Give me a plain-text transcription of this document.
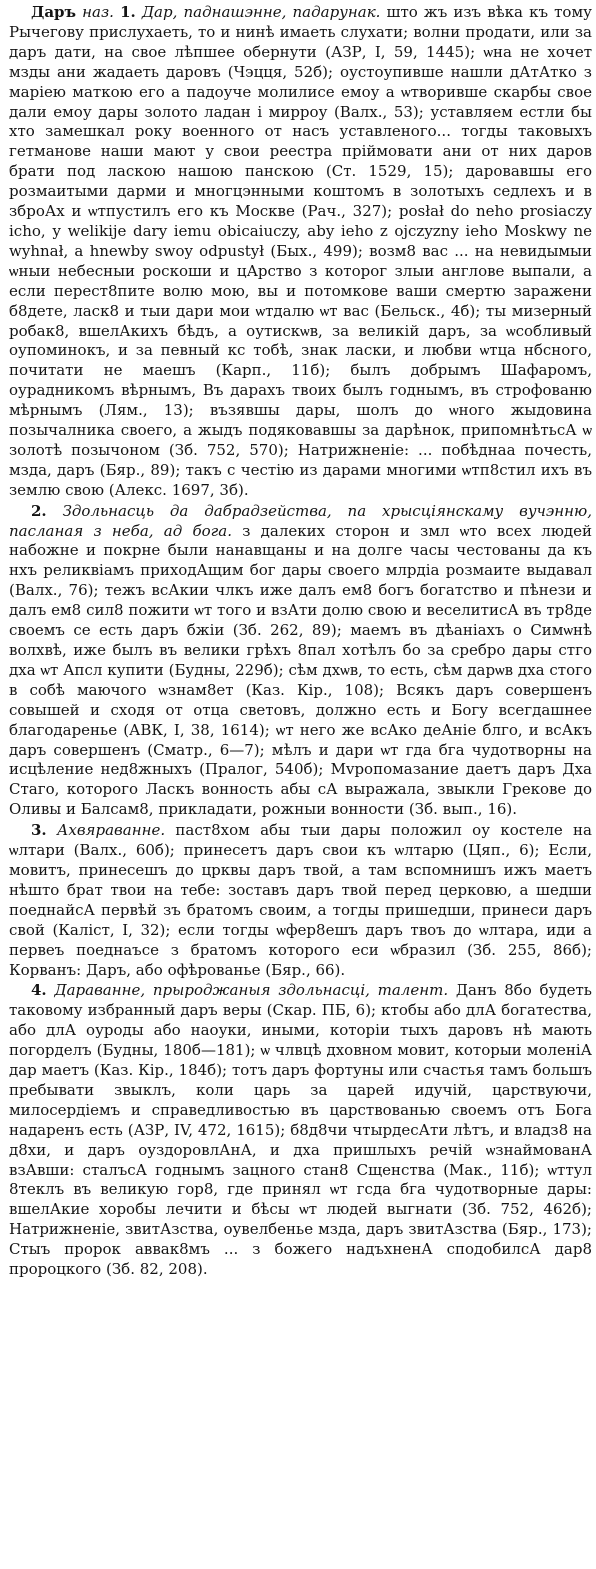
Даръ наз. 1. Дар, паднашэнне, падарунак. што жъ изъ вѣка къ тому Рычегову прислухаеть, то и нинѣ имаеть слухати; волни продати, или за даръ дати, на свое лѣпшее обернути (АЗР, I, 59, 1445); ѡна не хочет мзды ани жадаеть даровъ (Чэцця, 52б); оустоупивше нашли дАтАтко з маріею маткою его а падоуче молилисе емоу а ѡтворивше скарбы свое дали емоу дары золото ладан і мирроу (Валх., 53); уставляем естли бы хто замешкал року военного от насъ уставленого... тогды таковыхъ гетманове наши мают у свои реестра пріймовати ани от них даров брати под ласкою нашою панскою (Ст. 1529, 15); даровавшы его розмаитыми дарми и многцэнными коштомъ в золотыхъ седлехъ и в зброАх и ѡтпустилъ его къ Москве (Рач., 327); posłał do neho prosiaczy icho, у welikije dary iemu obicaiuczy, aby ieho z ojczyzny ieho Moskwy ne wyhnał, a hnewby swoy odpustył (Бых., 499); возм8 вас ... на невидымыи ѡныи небесныи роскоши и цАрство з которог злыи англове выпали, а если перест8пите волю мою, вы и потомкове ваши смертю заражени б8дете, ласк8 и тыи дари мои ѡтдалю ѡт вас (Бельск., 4б); ты мизерный робак8, вшелАкихъ бѣдъ, а оутискѡв, за великій даръ, за ѡсобливый оупоминокъ, и за певный кс тобѣ, знак ласки, и любви ѡтца нбсного, почитати не маешъ (Карп., 11б); былъ добрымъ Шафаромъ, оурадникомъ вѣрнымъ, Въ дарахъ твоих былъ годнымъ, въ строфованю мѣрнымъ (Лям., 13); възявшы дары, шолъ до ѡного жыдовина позычалника своего, а жыдъ подяковавшы за дарѣнок, припомнѣтьсА ѡ золотѣ позычоном (Зб. 752, 570); Натрижненіе: ... побѣднаа почесть, мзда, даръ (Бяр., 89); такъ с честію из дарами многими ѡтп8стил ихъ въ землю свою (Алекс. 1697, 3б).

2. Здольнасць да дабрадзейства, па хрысціянскаму вучэнню, пасланая з неба, ад бога. з далеких сторон и змл ѡто всех людей набожне и покрне были нанавщаны и на долге часы честованы да къ нхъ реликвіамъ приходАщим бог дары своего млрдіа розмаите выдавал (Валх., 76); тежъ всАкии члкъ иже далъ ем8 богъ богатство и пѣнези и далъ ем8 сил8 пожити ѡт того и взАти долю свою и веселитисА въ тр8де своемъ се есть даръ бжіи (Зб. 262, 89); маемъ въ дѣаніахъ о Симѡнѣ волхвѣ, иже былъ въ велики грѣхъ 8пал хотѣлъ бо за сребро дары стго дха ѡт Апсл купити (Будны, 229б); сѣм дхѡв, то есть, сѣм дарѡв дха стого в собѣ маючого ѡзнам8ет (Каз. Кір., 108); Всякъ даръ совершенъ совышей и сходя от отца световъ, должно есть и Богу всегдашнее благодаренье (АВК, I, 38, 1614); ѡт него же всАко деАніе блго, и всАкъ даръ совершенъ (Сматр., 6—7); мѣлъ и дари ѡт гда бга чудотворны на исцѣление нед8жныхъ (Пралог, 540б); Мvропомазание даетъ даръ Дха Стаго, которого Ласкъ вонность абы сА выражала, звыкли Грекове до Оливы и Балсам8, прикладати, рожныи вонности (Зб. вып., 16).

3. Ахвяраванне. паст8хом абы тыи дары положил оу костеле на ѡлтари (Валх., 60б); принесетъ даръ свои къ ѡлтарю (Цяп., 6); Если, мовитъ, принесешъ до црквы даръ твой, а там вспомнишъ ижъ маетъ нѣшто брат твои на тебе: зоставъ даръ твой перед церковю, а шедши поеднайсА первѣй зъ братомъ своим, а тогды пришедши, принеси даръ свой (Каліст, I, 32); если тогды ѡфер8ешъ даръ твоъ до ѡлтара, иди а первеъ поеднаъсе з братомъ которого еси ѡбразил (Зб. 255, 86б); Корванъ: Даръ, або офѣрованье (Бяр., 66).

4. Дараванне, прыроджаныя здольнасці, талент. Данъ 8бо будеть таковому избранный даръ веры (Скар. ПБ, 6); ктобы або длА богатества, або длА оуроды або наоуки, иными, которіи тыхъ даровъ нѣ мають погорделъ (Будны, 180б—181); ѡ члвцѣ дховном мовит, которыи моленіА дар маетъ (Каз. Кір., 184б); тотъ даръ фортуны или счастья тамъ большъ пребывати звыклъ, коли царь за царей идучій, царствуючи, милосердіемъ и справедливостью въ царствованью своемъ отъ Бога надаренъ есть (АЗР, IV, 472, 1615); б8д8чи чтырдесАти лѣтъ, и владз8 на д8хи, и даръ оуздоровлАнА, и дха пришлыхъ речій ѡзнаймованА взАвши: сталъсА годнымъ зацного стан8 Сщенства (Мак., 11б); ѡттул 8теклъ въ великую гор8, где принял ѡт гсда бга чудотворные дары: вшелАкие хоробы лечити и бѣсы ѡт людей выгнати (Зб. 752, 462б); Натрижненіе, звитАзства, оувелбенье мзда, даръ звитАзства (Бяр., 173); Стыъ пророк аввак8мъ ... з божего надъхненА сподобилсА дар8 пророцкого (Зб. 82, 208).
